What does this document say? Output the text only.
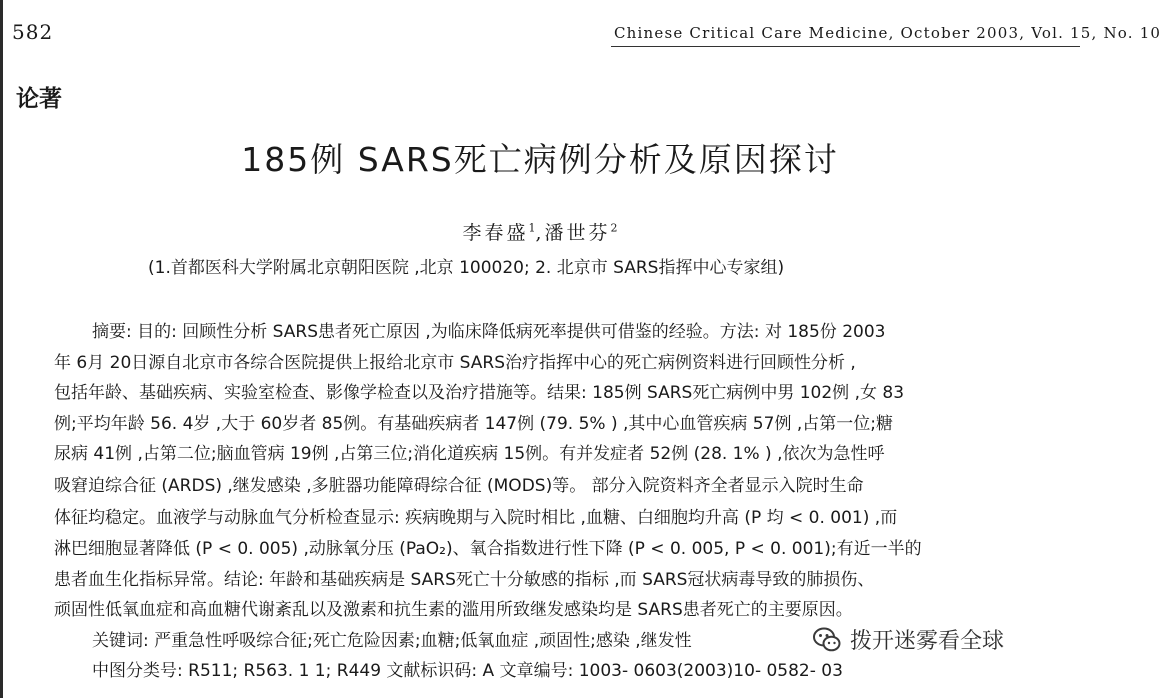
582	Chinese Critical Care Medicine, October 2003, Vol. 15, No. 10
论著
185例 SARS死亡病例分析及原因探讨
李春盛$^1$,潘世芬$^2$
(1.首都医科大学附属北京朝阳医院 ,北京 100020; 2. 北京市 SARS指挥中心专家组)
摘要: 目的: 回顾性分析 SARS患者死亡原因 ,为临床降低病死率提供可借鉴的经验。方法: 对 185份 2003
年 6月 20日源自北京市各综合医院提供上报给北京市 SARS治疗指挥中心的死亡病例资料进行回顾性分析 ,
包括年龄、基础疾病、实验室检查、影像学检查以及治疗措施等。结果: 185例 SARS死亡病例中男 102例 ,女 83
例;平均年龄 56. 4岁 ,大于 60岁者 85例。有基础疾病者 147例 (79. 5% ) ,其中心血管疾病 57例 ,占第一位;糖
尿病 41例 ,占第二位;脑血管病 19例 ,占第三位;消化道疾病 15例。有并发症者 52例 (28. 1% ) ,依次为急性呼
吸窘迫综合征 (ARDS) ,继发感染 ,多脏器功能障碍综合征 (MODS)等。 部分入院资料齐全者显示入院时生命
体征均稳定。血液学与动脉血气分析检查显示: 疾病晚期与入院时相比 ,血糖、白细胞均升高 (P 均 < 0. 001) ,而
淋巴细胞显著降低 (P < 0. 005) ,动脉氧分压 (PaO₂)、氧合指数进行性下降 (P < 0. 005, P < 0. 001);有近一半的
患者血生化指标异常。结论: 年龄和基础疾病是 SARS死亡十分敏感的指标 ,而 SARS冠状病毒导致的肺损伤、
顽固性低氧血症和高血糖代谢紊乱以及激素和抗生素的滥用所致继发感染均是 SARS患者死亡的主要原因。
关键词: 严重急性呼吸综合征;死亡危险因素;血糖;低氧血症 ,顽固性;感染 ,继发性
中图分类号: R511; R563. 1 1; R449 文献标识码: A 文章编号: 1003- 0603(2003)10- 0582- 03
拨开迷雾看全球
